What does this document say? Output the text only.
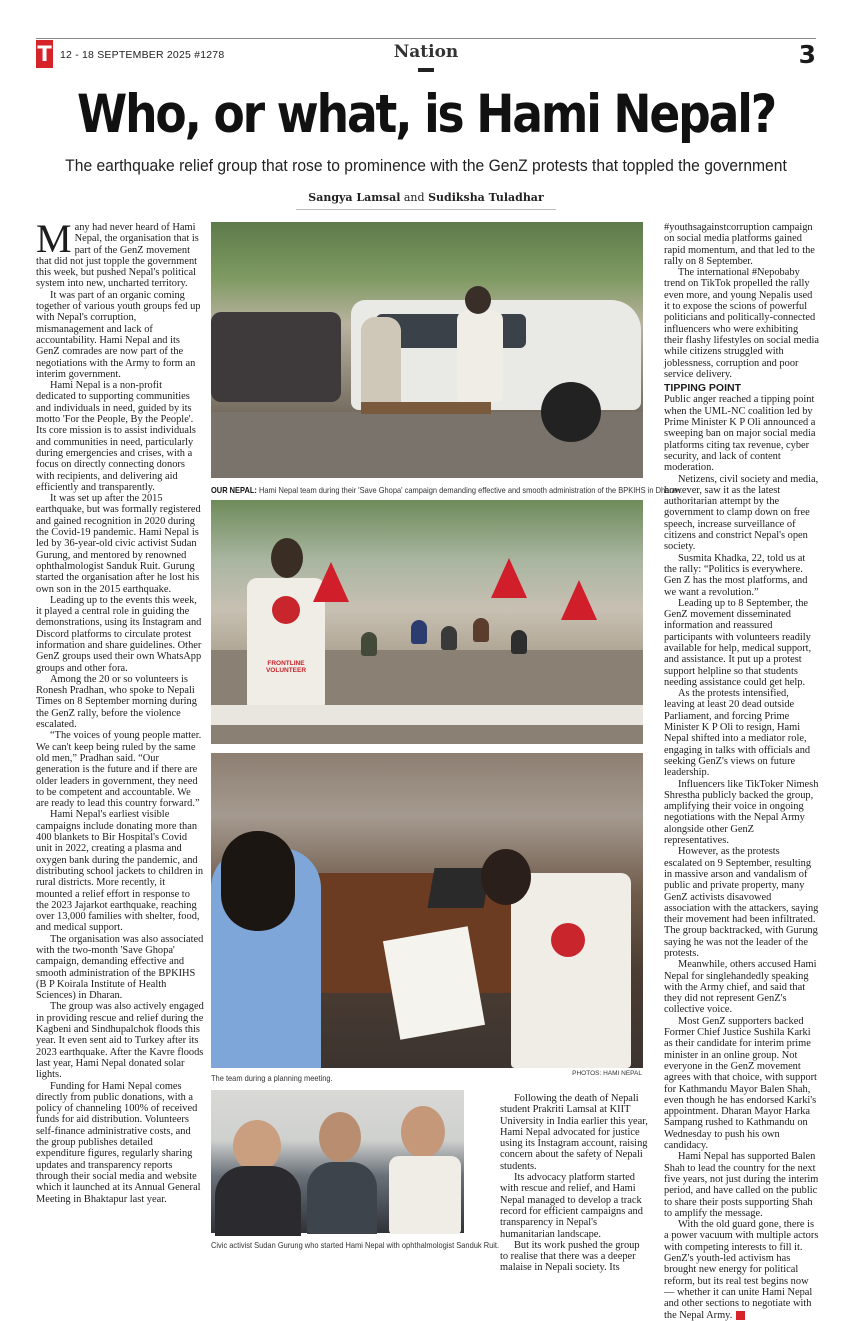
T 12 - 18 SEPTEMBER 2025 #1278	Nation	3
Who, or what, is Hami Nepal?
The earthquake relief group that rose to prominence with the GenZ protests that toppled the government
Sangya Lamsal and Sudiksha Tuladhar

Many had never heard of Hami Nepal, the organisation that is part of the GenZ movement that did not just topple the government this week, but pushed Nepal's political system into new, uncharted territory.

It was part of an organic coming together of various youth groups fed up with Nepal's corruption, mismanagement and lack of accountability. Hami Nepal and its GenZ comrades are now part of the negotiations with the Army to form an interim government.

Hami Nepal is a non-profit dedicated to supporting communities and individuals in need, guided by its motto 'For the People, By the People'. Its core mission is to assist individuals and communities in need, particularly during emergencies and crises, with a focus on directly connecting donors with recipients, and delivering aid efficiently and transparently.

It was set up after the 2015 earthquake, but was formally registered and gained recognition in 2020 during the Covid-19 pandemic. Hami Nepal is led by 36-year-old civic activist Sudan Gurung, and mentored by renowned ophthalmologist Sanduk Ruit. Gurung started the organisation after he lost his own son in the 2015 earthquake.

Leading up to the events this week, it played a central role in guiding the demonstrations, using its Instagram and Discord platforms to circulate protest information and share guidelines. Other GenZ groups used their own WhatsApp groups and other fora.

Among the 20 or so volunteers is Ronesh Pradhan, who spoke to Nepali Times on 8 September morning during the GenZ rally, before the violence escalated.

“The voices of young people matter. We can't keep being ruled by the same old men,” Pradhan said. “Our generation is the future and if there are older leaders in government, they need to be competent and accountable. We are ready to lead this country forward.”

Hami Nepal's earliest visible campaigns include donating more than 400 blankets to Bir Hospital's Covid unit in 2022, creating a plasma and oxygen bank during the pandemic, and distributing school jackets to children in rural districts. More recently, it mounted a relief effort in response to the 2023 Jajarkot earthquake, reaching over 13,000 families with shelter, food, and medical support.

The organisation was also associated with the two-month 'Save Ghopa' campaign, demanding effective and smooth administration of the BPKIHS (B P Koirala Institute of Health Sciences) in Dharan.

The group was also actively engaged in providing rescue and relief during the Kagbeni and Sindhupalchok floods this year. It even sent aid to Turkey after its 2023 earthquake. After the Kavre floods last year, Hami Nepal donated solar lights.

Funding for Hami Nepal comes directly from public donations, with a policy of channeling 100% of received funds for aid distribution. Volunteers self-finance administrative costs, and the group publishes detailed expenditure figures, regularly sharing updates and transparency reports through their social media and website which it launched at its Annual General Meeting in Bhaktapur last year.

OUR NEPAL: Hami Nepal team during their 'Save Ghopa' campaign demanding effective and smooth administration of the BPKIHS in Dharan.
FRONTLINE VOLUNTEER
The team during a planning meeting.	PHOTOS: HAMI NEPAL
Civic activist Sudan Gurung who started Hami Nepal with ophthalmologist Sanduk Ruit.

Following the death of Nepali student Prakriti Lamsal at KIIT University in India earlier this year, Hami Nepal advocated for justice using its Instagram account, raising concern about the safety of Nepali students.

Its advocacy platform started with rescue and relief, and Hami Nepal managed to develop a track record for efficient campaigns and transparency in Nepal's humanitarian landscape.

But its work pushed the group to realise that there was a deeper malaise in Nepali society. Its

#youthsagainstcorruption campaign on social media platforms gained rapid momentum, and that led to the rally on 8 September.

The international #Nepobaby trend on TikTok propelled the rally even more, and young Nepalis used it to expose the scions of powerful politicians and politically-connected influencers who were exhibiting their flashy lifestyles on social media while citizens struggled with joblessness, corruption and poor service delivery.

TIPPING POINT

Public anger reached a tipping point when the UML-NC coalition led by Prime Minister K P Oli announced a sweeping ban on major social media platforms citing tax revenue, cyber security, and lack of content moderation.

Netizens, civil society and media, however, saw it as the latest authoritarian attempt by the government to clamp down on free speech, increase surveillance of citizens and constrict Nepal's open society.

Susmita Khadka, 22, told us at the rally: “Politics is everywhere. Gen Z has the most platforms, and we want a revolution.”

Leading up to 8 September, the GenZ movement disseminated information and reassured participants with volunteers readily available for help, medical support, and assistance. It put up a protest support helpline so that students needing assistance could get help.

As the protests intensified, leaving at least 20 dead outside Parliament, and forcing Prime Minister K P Oli to resign, Hami Nepal shifted into a mediator role, engaging in talks with officials and seeking GenZ's views on future leadership.

Influencers like TikToker Nimesh Shrestha publicly backed the group, amplifying their voice in ongoing negotiations with the Nepal Army alongside other GenZ representatives.

However, as the protests escalated on 9 September, resulting in massive arson and vandalism of public and private property, many GenZ activists disavowed association with the attackers, saying their movement had been infiltrated. The group backtracked, with Gurung saying he was not the leader of the protests.

Meanwhile, others accused Hami Nepal for singlehandedly speaking with the Army chief, and said that they did not represent GenZ's collective voice.

Most GenZ supporters backed Former Chief Justice Sushila Karki as their candidate for interim prime minister in an online group. Not everyone in the GenZ movement agrees with that choice, with support for Kathmandu Mayor Balen Shah, even though he has endorsed Karki's appointment. Dharan Mayor Harka Sampang rushed to Kathmandu on Wednesday to push his own candidacy.

Hami Nepal has supported Balen Shah to lead the country for the next five years, not just during the interim period, and have called on the public to share their posts supporting Shah to amplify the message.

With the old guard gone, there is a power vacuum with multiple actors with competing interests to fill it. GenZ's youth-led activism has brought new energy for political reform, but its real test begins now — whether it can unite Hami Nepal and other sections to negotiate with the Nepal Army.
